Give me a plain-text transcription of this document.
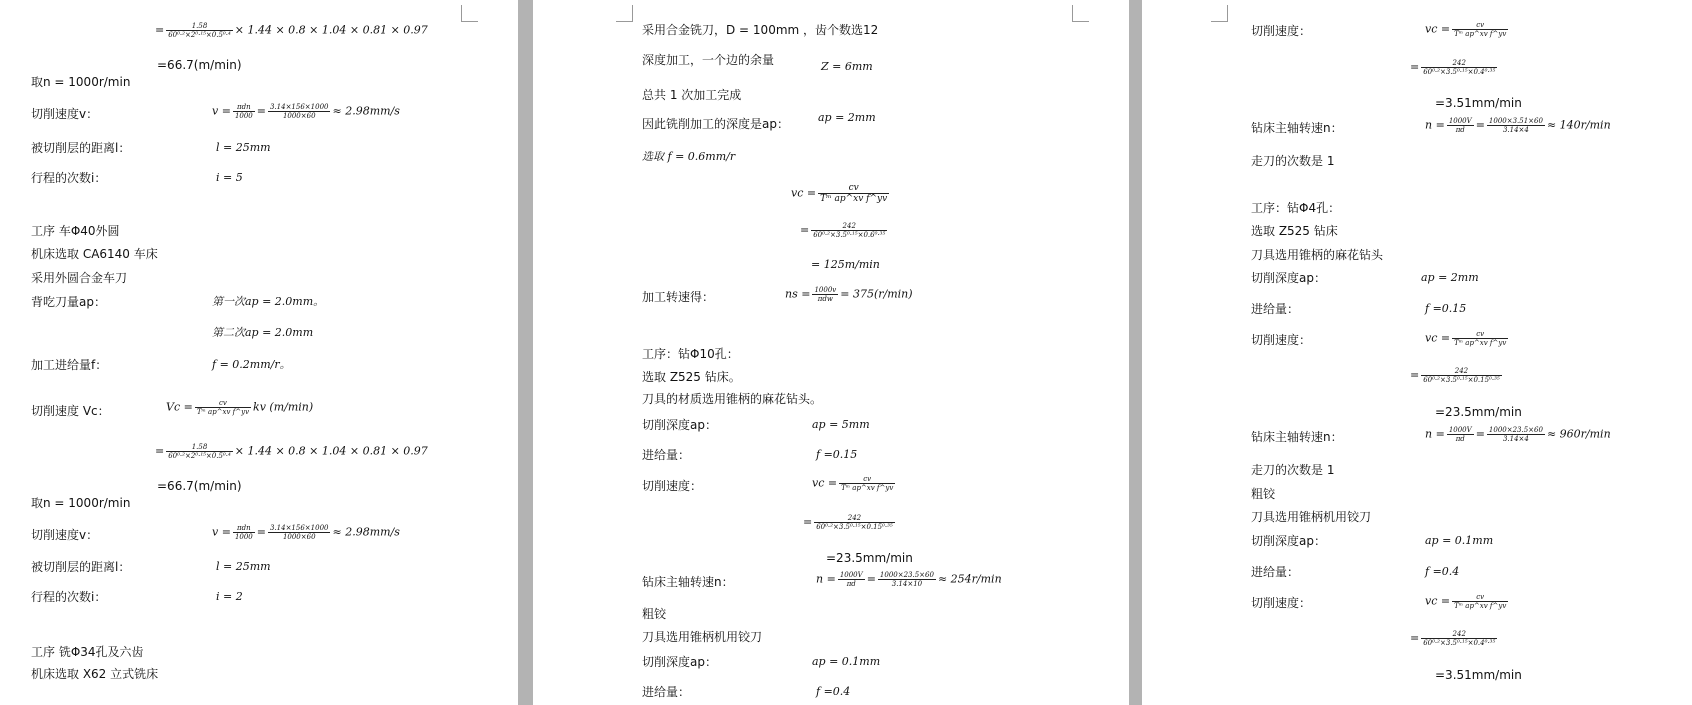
= $\frac{1.58}{\text{60⁰·²×2⁰·¹⁵×0.5⁰·⁴}} \times 1.44 \times 0.8 \times 1.04 \times 0.81 \times 0.97$
=66.7(m/min)
取n = 1000r/min
切削速度v：	$v = \frac{\text{πdn}}{1000} = \frac{3.14\times 156\times 1000}{1000\times 60} \approx 2.98mm/s$
被切削层的距离l：	l = 25mm
行程的次数i：	i = 5
工序 车Φ40外圆
机床选取 CA6140 车床
采用外圆合金车刀
背吃刀量ap：	第一次ap = 2.0mm。
第二次ap = 2.0mm
加工进给量f：	f = 0.2mm/r。
切削速度 Vc：	$Vc = \frac{cv}{\text{Tᵐ ap\textasciicircum{}xv f\textasciicircum{}yv}}$ kv (m/min)
= $\frac{1.58}{\text{60⁰·²×2⁰·¹⁵×0.5⁰·⁴}} \times 1.44 \times 0.8 \times 1.04 \times 0.81 \times 0.97$
=66.7(m/min)
取n = 1000r/min
切削速度v：	$v = \frac{\text{πdn}}{1000} = \frac{3.14\times 156\times 1000}{1000\times 60} \approx 2.98mm/s$
被切削层的距离l：	l = 25mm
行程的次数i：	i = 2
工序 铣Φ34孔及六齿
机床选取 X62 立式铣床
采用合金铣刀，D = 100mm ，齿个数选12
深度加工，一个边的余量	Z = 6mm
总共 1 次加工完成
因此铣削加工的深度是ap：	ap = 2mm
选取 f = 0.6mm/r
vc = $\frac{cv}{\text{Tᵐ ap\textasciicircum{}xv f\textasciicircum{}yv}}$
= $\frac{242}{\text{60⁰·²×3.5⁰·¹⁵×0.6⁰·³⁵}}$
= 125m/min
加工转速得：	ns = $\frac{1000v}{\text{πdw}} = 375(r/\min)$
工序：钻Φ10孔：
选取 Z525 钻床。
刀具的材质选用锥柄的麻花钻头。
切削深度ap：	ap = 5mm
进给量：	f =0.15
切削速度：	vc = $\frac{cv}{\text{Tᵐ ap\textasciicircum{}xv f\textasciicircum{}yv}}$
= $\frac{242}{\text{60⁰·²×3.5⁰·¹⁵×0.15⁰·³⁵}}$
=23.5mm/min
钻床主轴转速n：	$n = \frac{1000V}{\pi d} = \frac{1000\times 23.5\times 60}{3.14\times 10} \approx 254r/\min$
粗铰
刀具选用锥柄机用铰刀
切削深度ap：	ap = 0.1mm
进给量：	f =0.4
切削速度：	vc = $\frac{cv}{\text{Tᵐ ap\textasciicircum{}xv f\textasciicircum{}yv}}$
= $\frac{242}{\text{60⁰·²×3.5⁰·¹⁵×0.4⁰·³⁵}}$
=3.51mm/min
钻床主轴转速n：	$n = \frac{1000V}{\pi d} = \frac{1000\times 3.51\times 60}{3.14\times 4} \approx 140r/\min$
走刀的次数是 1
工序：钻Φ4孔：
选取 Z525 钻床
刀具选用锥柄的麻花钻头
切削深度ap：	ap = 2mm
进给量：	f =0.15
切削速度：	vc = $\frac{cv}{\text{Tᵐ ap\textasciicircum{}xv f\textasciicircum{}yv}}$
= $\frac{242}{\text{60⁰·²×3.5⁰·¹⁵×0.15⁰·³⁵}}$
=23.5mm/min
钻床主轴转速n：	$n = \frac{1000V}{\pi d} = \frac{1000\times 23.5\times 60}{3.14\times 4} \approx 960r/\min$
走刀的次数是 1
粗铰
刀具选用锥柄机用铰刀
切削深度ap：	ap = 0.1mm
进给量：	f =0.4
切削速度：	vc = $\frac{cv}{\text{Tᵐ ap\textasciicircum{}xv f\textasciicircum{}yv}}$
= $\frac{242}{\text{60⁰·²×3.5⁰·¹⁵×0.4⁰·³⁵}}$
=3.51mm/min
